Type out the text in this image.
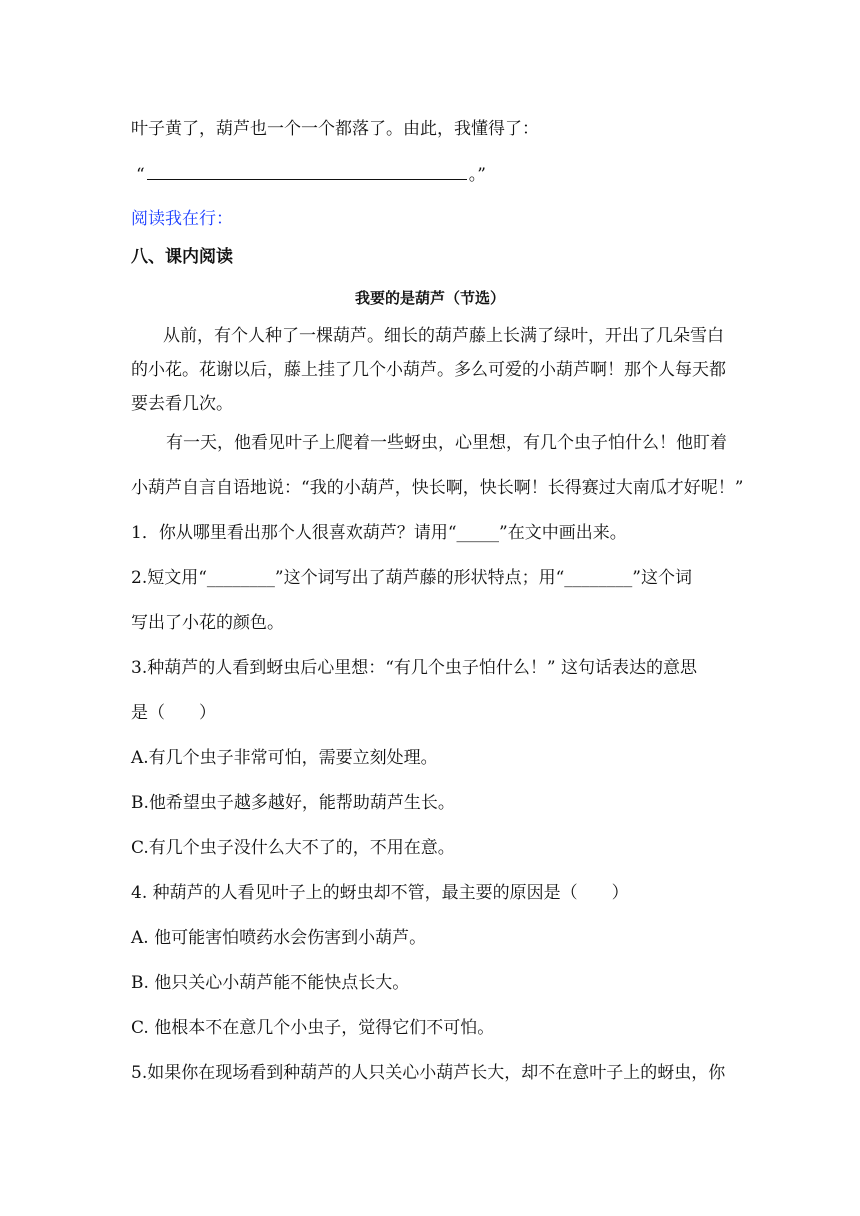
叶子黄了，葫芦也一个一个都落了。由此，我懂得了：
“	。”
阅读我在行：
八、课内阅读
我要的是葫芦（节选）
从前，有个人种了一棵葫芦。细长的葫芦藤上长满了绿叶，开出了几朵雪白
的小花。花谢以后，藤上挂了几个小葫芦。多么可爱的小葫芦啊！那个人每天都
要去看几次。
有一天，他看见叶子上爬着一些蚜虫，心里想，有几个虫子怕什么！他盯着
小葫芦自言自语地说：“我的小葫芦，快长啊，快长啊！长得赛过大南瓜才好呢！”
1．你从哪里看出那个人很喜欢葫芦？请用“_____”在文中画出来。
2.短文用“________”这个词写出了葫芦藤的形状特点；用“________”这个词
写出了小花的颜色。
3.种葫芦的人看到蚜虫后心里想：“有几个虫子怕什么！” 这句话表达的意思
是（　　）
A.有几个虫子非常可怕，需要立刻处理。
B.他希望虫子越多越好，能帮助葫芦生长。
C.有几个虫子没什么大不了的，不用在意。
4. 种葫芦的人看见叶子上的蚜虫却不管，最主要的原因是（　　）
A. 他可能害怕喷药水会伤害到小葫芦。
B. 他只关心小葫芦能不能快点长大。
C. 他根本不在意几个小虫子，觉得它们不可怕。
5.如果你在现场看到种葫芦的人只关心小葫芦长大，却不在意叶子上的蚜虫，你
